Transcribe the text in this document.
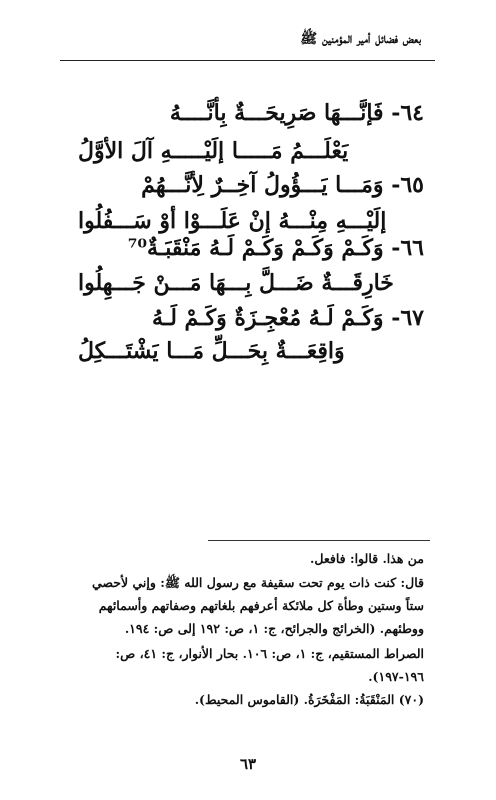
بعض فضائل أمير المؤمنين ﷺ
٦٤- فَإنَّـــهَا صَرِيحَـــةٌ بِأنَّــــهُ
يَعْلَـــمُ مَـــــا إلَيْـــــهِ آلَ الأوَّلُ
٦٥- وَمَـــا يَـــؤُولُ آخِــرٌ لِأنَّـــهُمْ
إلَيْـــهِ مِنْـــهُ إنْ عَلَـــوْا أوْ سَـــفُلُوا
٦٦- وَكَـمْ وَكَـمْ وَكَـمْ لَـهُ مَنْقَبَـةٌ⁷⁰
خَارِقَـــةٌ ضَـــلَّ بِـــهَا مَـــنْ جَـــهِلُوا
٦٧- وَكَـمْ لَـهُ مُعْجِـزَةٌ وَكَـمْ لَـهُ
وَاقِعَـــةٌ بِحَـــلِّ مَـــا يَشْتَـــكِلُ
من هذا. قالوا: فافعل.
قال: كنت ذات يوم تحت سقيفة مع رسول الله ﷺ: وإني لأحصي
ستاً وستين وطأة كل ملائكة أعرفهم بلغاتهم وصفاتهم وأسمائهم
ووطئهم. (الخرائج والجرائح، ج: ١، ص: ١٩٢ إلى ص: ١٩٤.
الصراط المستقيم، ج: ١، ص: ١٠٦. بحار الأنوار، ج: ٤١، ص:
١٩٦-١٩٧).
(٧٠) المَنْقَبَةُ: المَفْخَرَةُ. (القاموس المحيط).
٦٣
